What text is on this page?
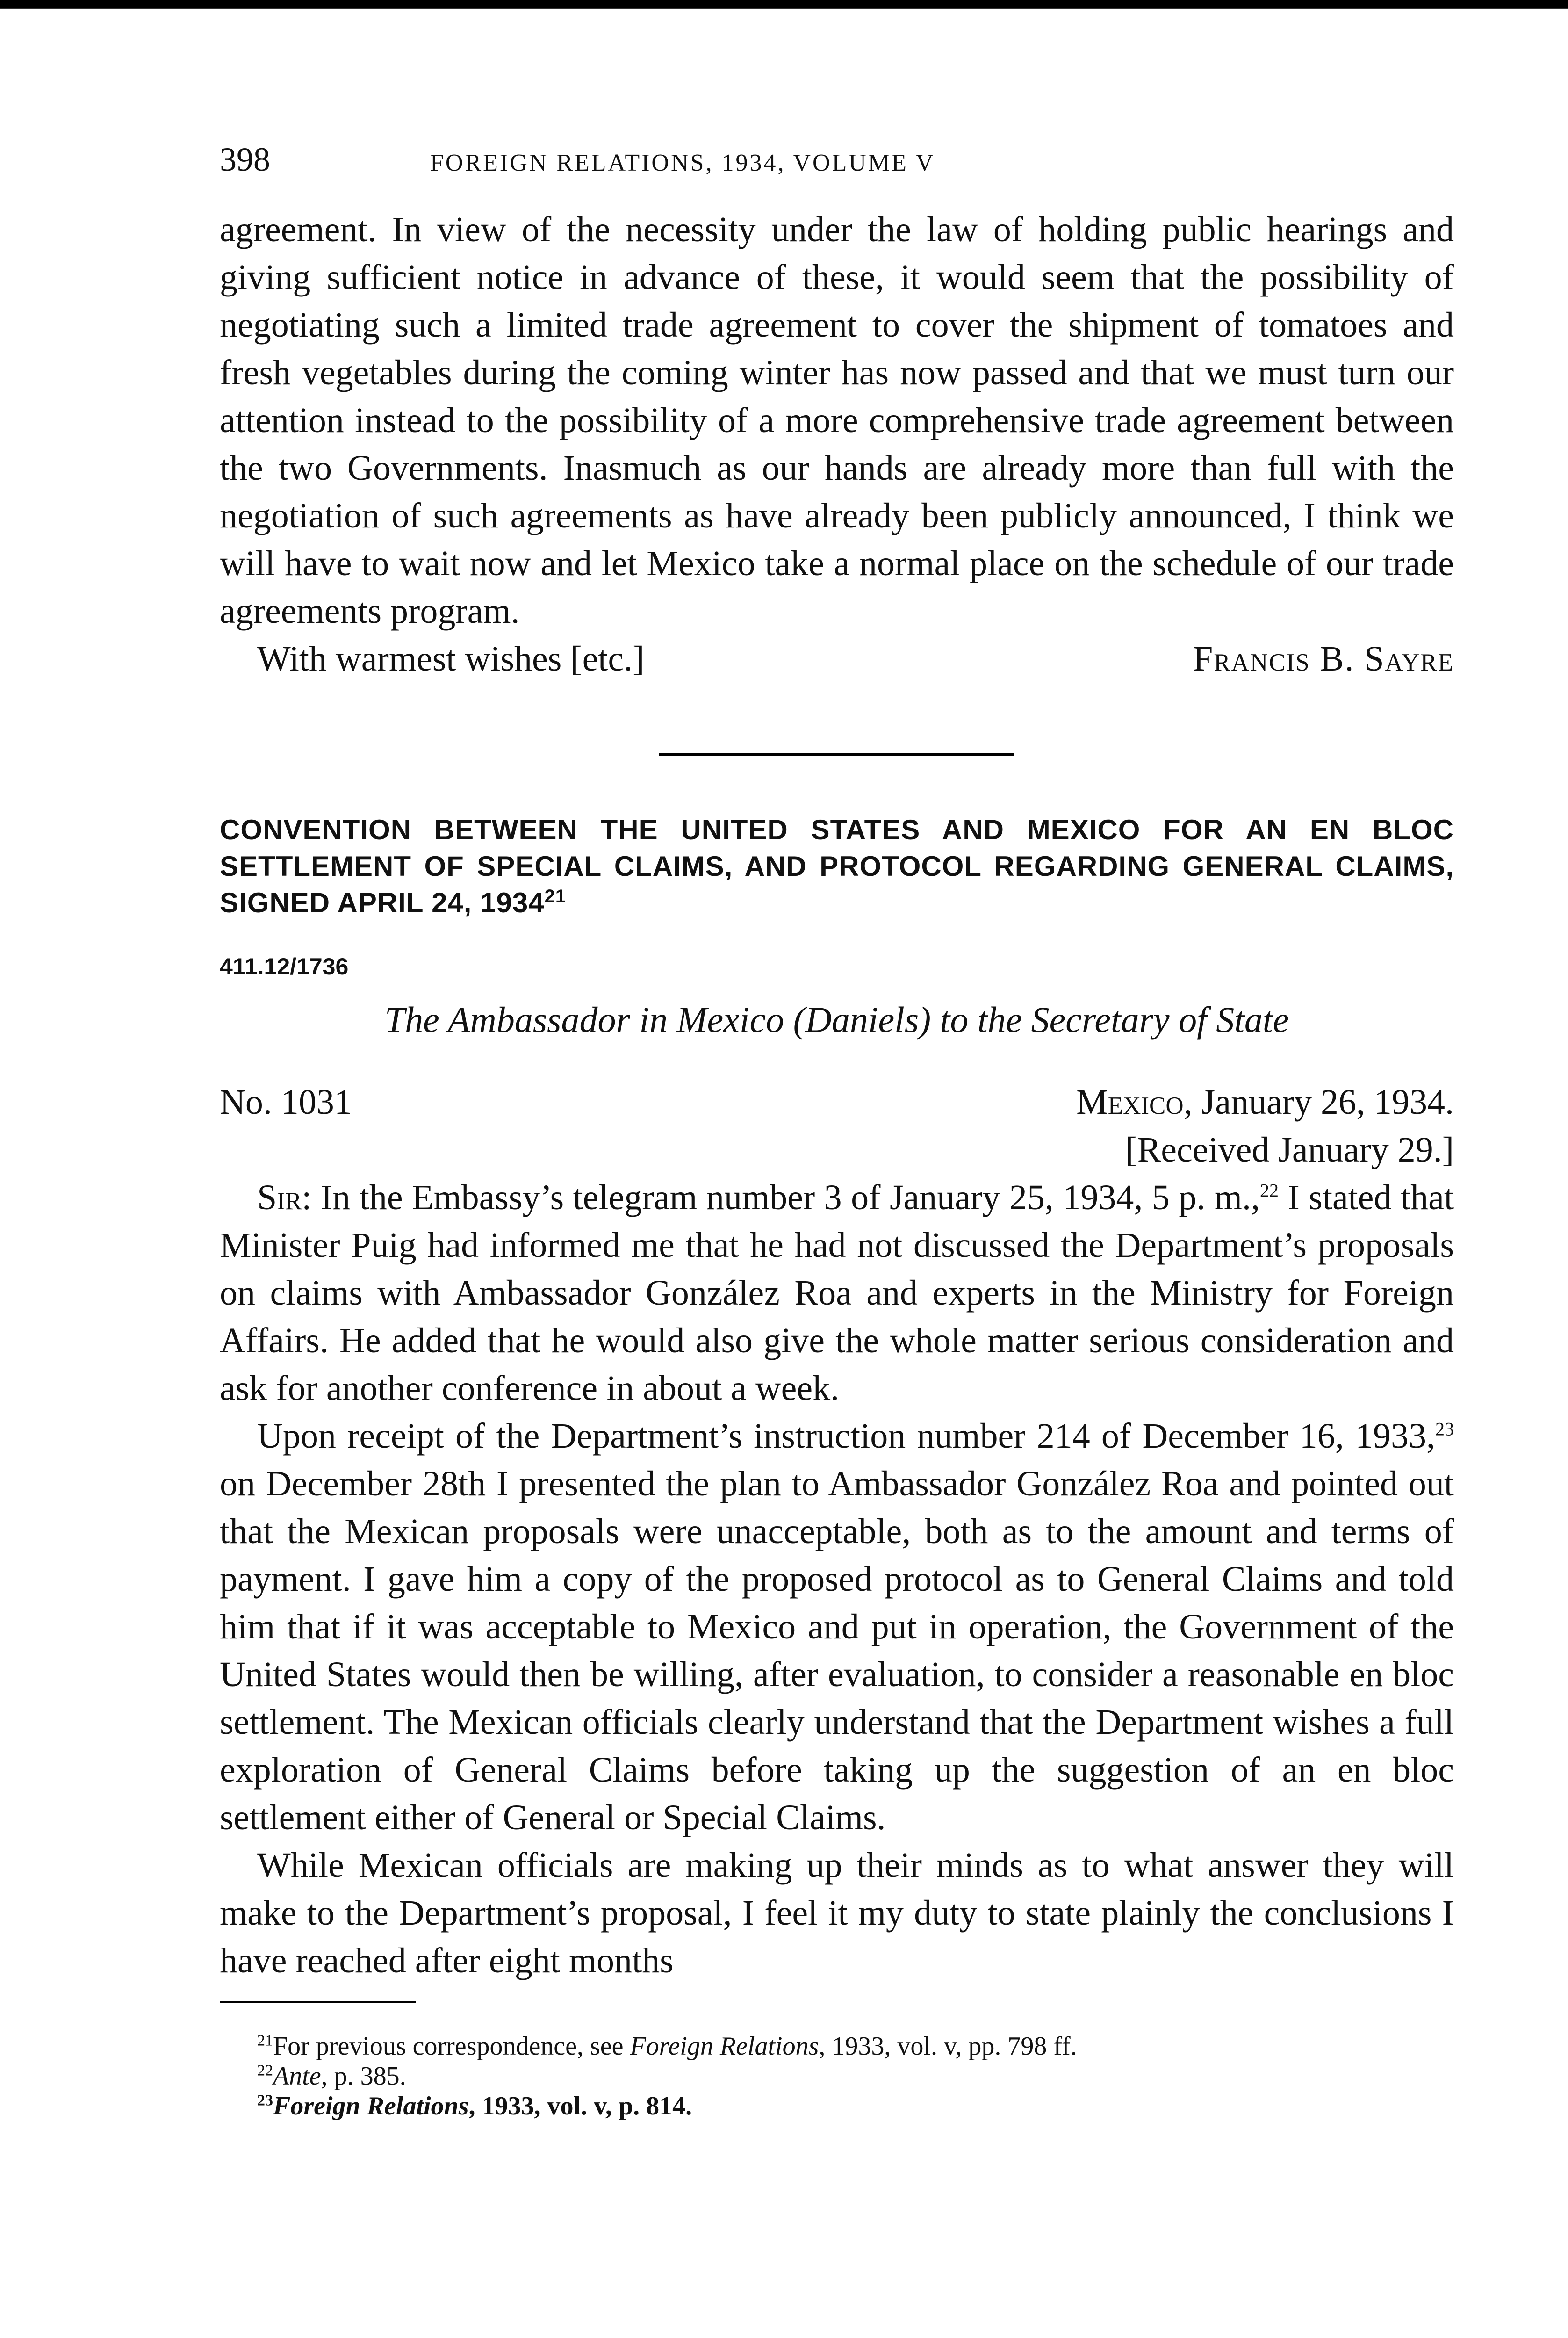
398	FOREIGN RELATIONS, 1934, VOLUME V

agreement. In view of the necessity under the law of holding public hearings and giving sufficient notice in advance of these, it would seem that the possibility of negotiating such a limited trade agreement to cover the shipment of tomatoes and fresh vegetables during the coming winter has now passed and that we must turn our attention instead to the possibility of a more comprehensive trade agreement between the two Governments. Inasmuch as our hands are already more than full with the negotiation of such agreements as have already been publicly announced, I think we will have to wait now and let Mexico take a normal place on the schedule of our trade agreements program.

With warmest wishes [etc.]	Francis B. Sayre
CONVENTION BETWEEN THE UNITED STATES AND MEXICO FOR AN EN BLOC SETTLEMENT OF SPECIAL CLAIMS, AND PROTOCOL REGARDING GENERAL CLAIMS, SIGNED APRIL 24, 1934$^{21}$
411.12/1736
The Ambassador in Mexico (Daniels) to the Secretary of State
No. 1031	Mexico, January 26, 1934.
[Received January 29.]

Sir: In the Embassy’s telegram number 3 of January 25, 1934, 5 p. m.,$^{22}$ I stated that Minister Puig had informed me that he had not discussed the Department’s proposals on claims with Ambassador González Roa and experts in the Ministry for Foreign Affairs. He added that he would also give the whole matter serious consideration and ask for another conference in about a week.

Upon receipt of the Department’s instruction number 214 of December 16, 1933,23 on December 28th I presented the plan to Ambassador González Roa and pointed out that the Mexican proposals were unacceptable, both as to the amount and terms of payment. I gave him a copy of the proposed protocol as to General Claims and told him that if it was acceptable to Mexico and put in operation, the Government of the United States would then be willing, after evaluation, to consider a reasonable en bloc settlement. The Mexican officials clearly understand that the Department wishes a full exploration of General Claims before taking up the suggestion of an en bloc settlement either of General or Special Claims.

While Mexican officials are making up their minds as to what answer they will make to the Department’s proposal, I feel it my duty to state plainly the conclusions I have reached after eight months

$^{21}$For previous correspondence, see Foreign Relations, 1933, vol. v, pp. 798 ff.
$^{22}$Ante, p. 385.
$^{23}$Foreign Relations, 1933, vol. v, p. 814.
